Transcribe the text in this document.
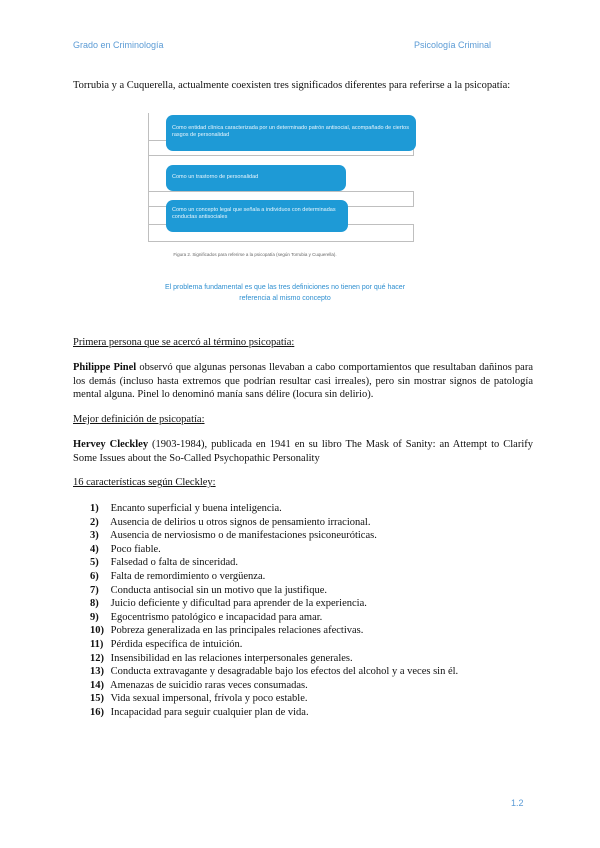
Grado en Criminología	Psicología Criminal
Torrubia y a Cuquerella, actualmente coexisten tres significados diferentes para referirse a la psicopatía:
Como entidad clínica caracterizada por un determinado patrón antisocial, acompañado de ciertos rasgos de personalidad
Como un trastorno de personalidad
Como un concepto legal que señala a individuos con determinadas conductas antisociales
Figura 2. Significados para referirse a la psicopatía (según Torrubia y Cuquerella).
El problema fundamental es que las tres definiciones no tienen por qué hacer referencia al mismo concepto
Primera persona que se acercó al término psicopatía:
Philippe Pinel observó que algunas personas llevaban a cabo comportamientos que resultaban dañinos para los demás (incluso hasta extremos que podrían resultar casi irreales), pero sin mostrar signos de patología mental alguna. Pinel lo denominó manía sans délire (locura sin delirio).
Mejor definición de psicopatía:
Hervey Cleckley (1903-1984), publicada en 1941 en su libro The Mask of Sanity: an Attempt to Clarify Some Issues about the So-Called Psychopathic Personality
16 características según Cleckley:
1) Encanto superficial y buena inteligencia.
2) Ausencia de delirios u otros signos de pensamiento irracional.
3) Ausencia de nerviosismo o de manifestaciones psiconeuróticas.
4) Poco fiable.
5) Falsedad o falta de sinceridad.
6) Falta de remordimiento o vergüenza.
7) Conducta antisocial sin un motivo que la justifique.
8) Juicio deficiente y dificultad para aprender de la experiencia.
9) Egocentrismo patológico e incapacidad para amar.
10) Pobreza generalizada en las principales relaciones afectivas.
11) Pérdida específica de intuición.
12) Insensibilidad en las relaciones interpersonales generales.
13) Conducta extravagante y desagradable bajo los efectos del alcohol y a veces sin él.
14) Amenazas de suicidio raras veces consumadas.
15) Vida sexual impersonal, frívola y poco estable.
16) Incapacidad para seguir cualquier plan de vida.
1.2
